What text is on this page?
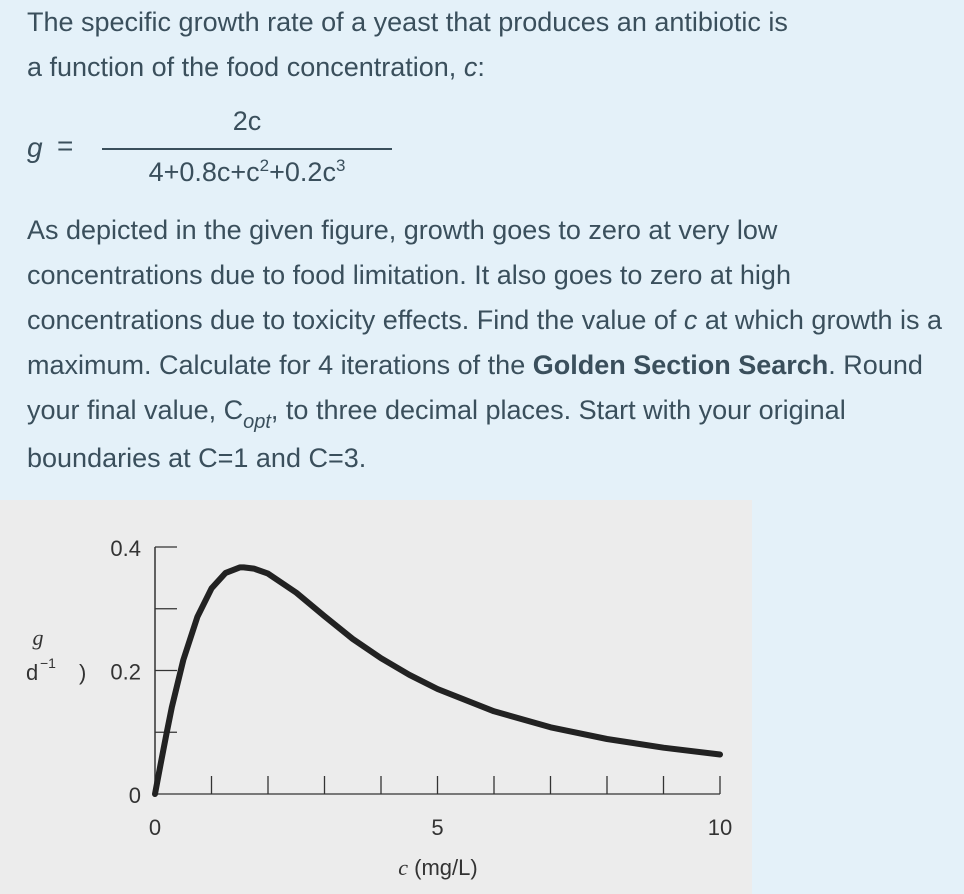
The specific growth rate of a yeast that produces an antibiotic is
a function of the food concentration, c:

g =
2c
$4+0.8c+c^2+0.2c^3$

As depicted in the given figure, growth goes to zero at very low concentrations due to food limitation. It also goes to zero at high concentrations due to toxicity effects. Find the value of c at which growth is a maximum. Calculate for 4 iterations of the Golden Section Search. Round your final value, $C_{opt}$, to three decimal places. Start with your original boundaries at C=1 and C=3.

0
0.2
0.4
0	5	10
g
d −1 )
c (mg/L)
